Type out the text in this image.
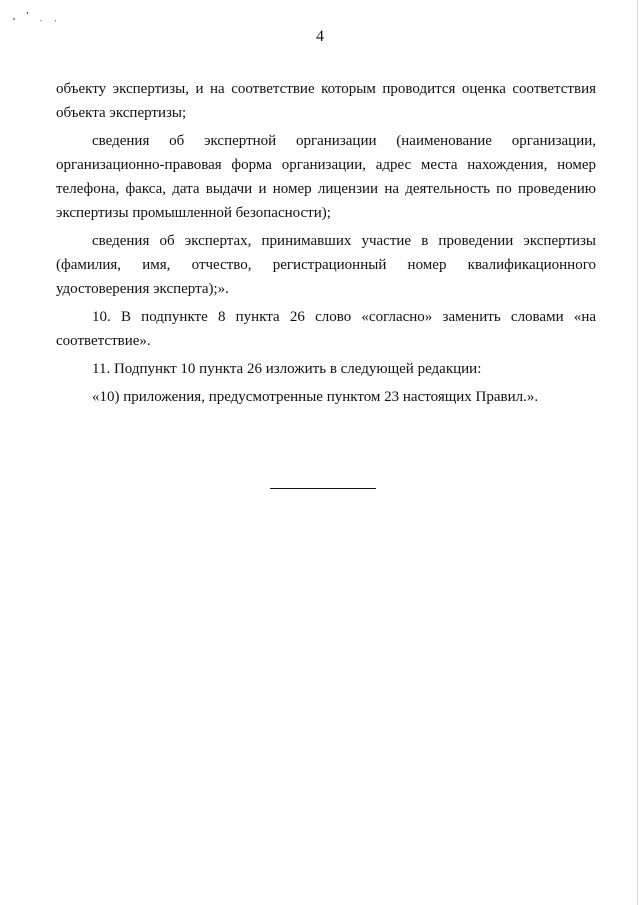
‚ ' ˌ ˌ
4

объекту экспертизы, и на соответствие которым проводится оценка соответствия объекта экспертизы;

сведения об экспертной организации (наименование организации, организационно-правовая форма организации, адрес места нахождения, номер телефона, факса, дата выдачи и номер лицензии на деятельность по проведению экспертизы промышленной безопасности);

сведения об экспертах, принимавших участие в проведении экспертизы (фамилия, имя, отчество, регистрационный номер квалификационного удостоверения эксперта);».

10. В подпункте 8 пункта 26 слово «согласно» заменить словами «на соответствие».

11. Подпункт 10 пункта 26 изложить в следующей редакции:

«10) приложения, предусмотренные пунктом 23 настоящих Правил.».
